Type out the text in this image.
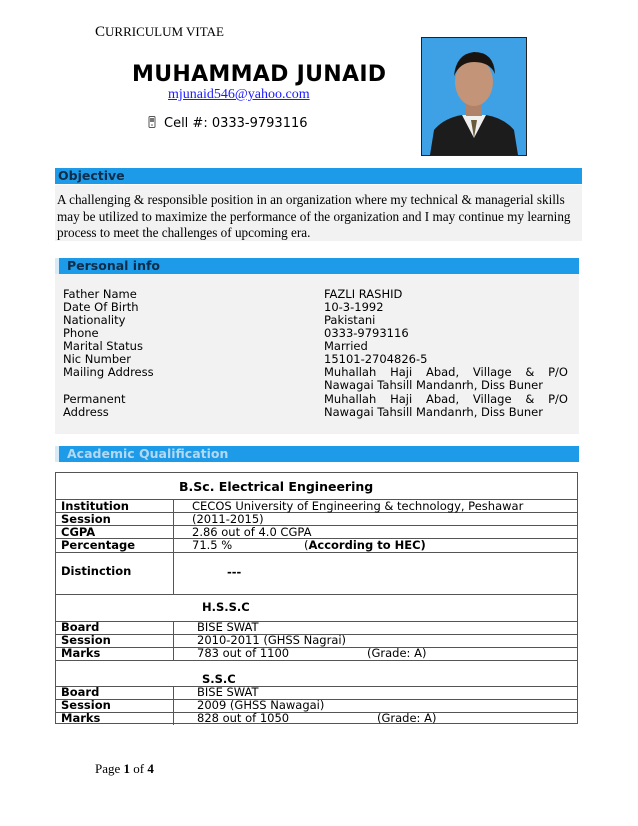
CURRICULUM VITAE
MUHAMMAD JUNAID
mjunaid546@yahoo.com
Cell #: 0333-9793116
Objective
A challenging & responsible position in an organization where my technical & managerial skills may be utilized to maximize the performance of the organization and I may continue my learning process to meet the challenges of upcoming era.
Personal info
Father Name	FAZLI RASHID
Date Of Birth	10-3-1992
Nationality	Pakistani
Phone	0333-9793116
Marital Status	Married
Nic Number	15101-2704826-5
Mailing Address	Muhallah Haji Abad, Village & P/O Nawagai Tahsill Mandanrh, Diss Buner
Permanent Address
Muhallah Haji Abad, Village & P/O Nawagai Tahsill Mandanrh, Diss Buner
Academic Qualification
B.Sc. Electrical Engineering
Institution	CECOS University of Engineering & technology, Peshawar
Session	(2011-2015)
CGPA	2.86 out of 4.0 CGPA
Percentage	71.5 %	(According to HEC)
Distinction	---
H.S.S.C
Board	BISE SWAT
Session	2010-2011 (GHSS Nagrai)
Marks	783 out of 1100	(Grade: A)
S.S.C
Board	BISE SWAT
Session	2009 (GHSS Nawagai)
Marks	828 out of 1050	(Grade: A)
Page 1 of 4
